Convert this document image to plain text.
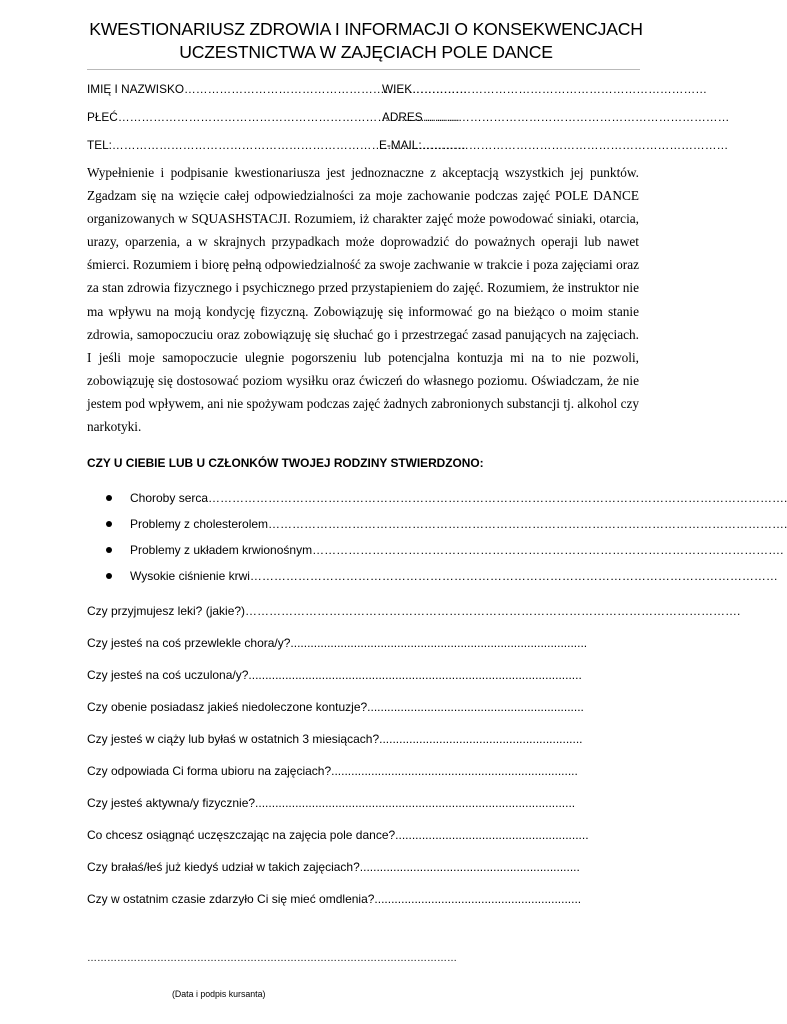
KWESTIONARIUSZ ZDROWIA I INFORMACJI O KONSEKWENCJACH
UCZESTNICTWA W ZAJĘCIACH POLE DANCE
IMIĘ I NAZWISKO………………………………………………………………
WIEK…………………………………………………………………
PŁEĆ……………………………………………………………………………
ADRES……………………………………………………………………
TEL:………………………………………………………………………………
E-MAIL:……………………………………………………………………

Wypełnienie i podpisanie kwestionariusza jest jednoznaczne z akceptacją wszystkich jej punktów. Zgadzam się na wzięcie całej odpowiedzialności za moje zachowanie podczas zajęć POLE DANCE organizowanych w SQUASHSTACJI. Rozumiem, iż charakter zajęć może powodować siniaki, otarcia, urazy, oparzenia, a w skrajnych przypadkach może doprowadzić do poważnych operaji lub nawet śmierci. Rozumiem i biorę pełną odpowiedzialność za swoje zachwanie w trakcie i poza zajęciami oraz za stan zdrowia fizycznego i psychicznego przed przystapieniem do zajęć. Rozumiem, że instruktor nie ma wpływu na moją kondycję fizyczną. Zobowiązuję się informować go na bieżąco o moim stanie zdrowia, samopoczuciu oraz zobowiązuję się słuchać go i przestrzegać zasad panujących na zajęciach. I jeśli moje samopoczucie ulegnie pogorszeniu lub potencjalna kontuzja mi na to nie pozwoli, zobowiązuję się dostosować poziom wysiłku oraz ćwiczeń do własnego poziomu. Oświadczam, że nie jestem pod wpływem, ani nie spożywam podczas zajęć żadnych zabronionych substancji tj. alkohol czy narkotyki.

CZY U CIEBIE LUB U CZŁONKÓW TWOJEJ RODZINY STWIERDZONO:

Choroby serca……………………………………………………………………………………………………………………………….
Problemy z cholesterolem………………………………………………………………………………………………………………….
Problemy z układem krwionośnym……………………………………………………………………………………………………….
Wysokie ciśnienie krwi……………………………………………………………………………………………………………………
Czy przyjmujesz leki? (jakie?)…………………………………………………………………………………………………………….
Czy jesteś na coś przewlekle chora/y?.........................................................................................
Czy jesteś na coś uczulona/y?....................................................................................................
Czy obenie posiadasz jakieś niedoleczone kontuzje?.................................................................
Czy jesteś w ciąży lub byłaś w ostatnich 3 miesiącach?.............................................................
Czy odpowiada Ci forma ubioru na zajęciach?..........................................................................
Czy jesteś aktywna/y fizycznie?................................................................................................
Co chcesz osiągnąć uczęszczając na zajęcia pole dance?..........................................................
Czy brałaś/łeś już kiedyś udział w takich zajęciach?..................................................................
Czy w ostatnim czasie zdarzyło Ci się mieć omdlenia?..............................................................
…………………………………………………………………………………………………
(Data i podpis kursanta)
